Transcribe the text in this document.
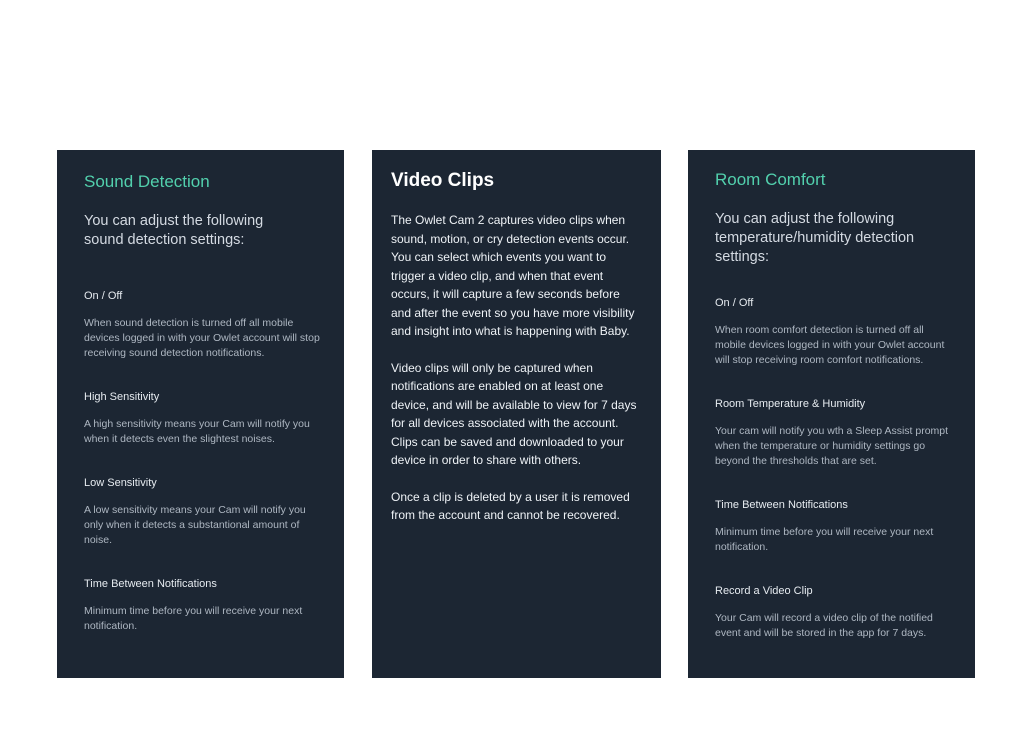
Sound Detection
You can adjust the following sound detection settings:
On / Off
When sound detection is turned off all mobile devices logged in with your Owlet account will stop receiving sound detection notifications.
High Sensitivity
A high sensitivity means your Cam will notify you when it detects even the slightest noises.
Low Sensitivity
A low sensitivity means your Cam will notify you only when it detects a substantional amount of noise.
Time Between Notifications
Minimum time before you will receive your next notification.
Video Clips

The Owlet Cam 2 captures video clips when sound, motion, or cry detection events occur. You can select which events you want to trigger a video clip, and when that event occurs, it will capture a few seconds before and after the event so you have more visibility and insight into what is happening with Baby.

Video clips will only be captured when notifications are enabled on at least one device, and will be available to view for 7 days for all devices associated with the account. Clips can be saved and downloaded to your device in order to share with others.

Once a clip is deleted by a user it is removed from the account and cannot be recovered.

Room Comfort
You can adjust the following temperature/humidity detection settings:
On / Off
When room comfort detection is turned off all mobile devices logged in with your Owlet account will stop receiving room comfort notifications.
Room Temperature & Humidity
Your cam will notify you wth a Sleep Assist prompt when the temperature or humidity settings go beyond the thresholds that are set.
Time Between Notifications
Minimum time before you will receive your next notification.
Record a Video Clip
Your Cam will record a video clip of the notified event and will be stored in the app for 7 days.
